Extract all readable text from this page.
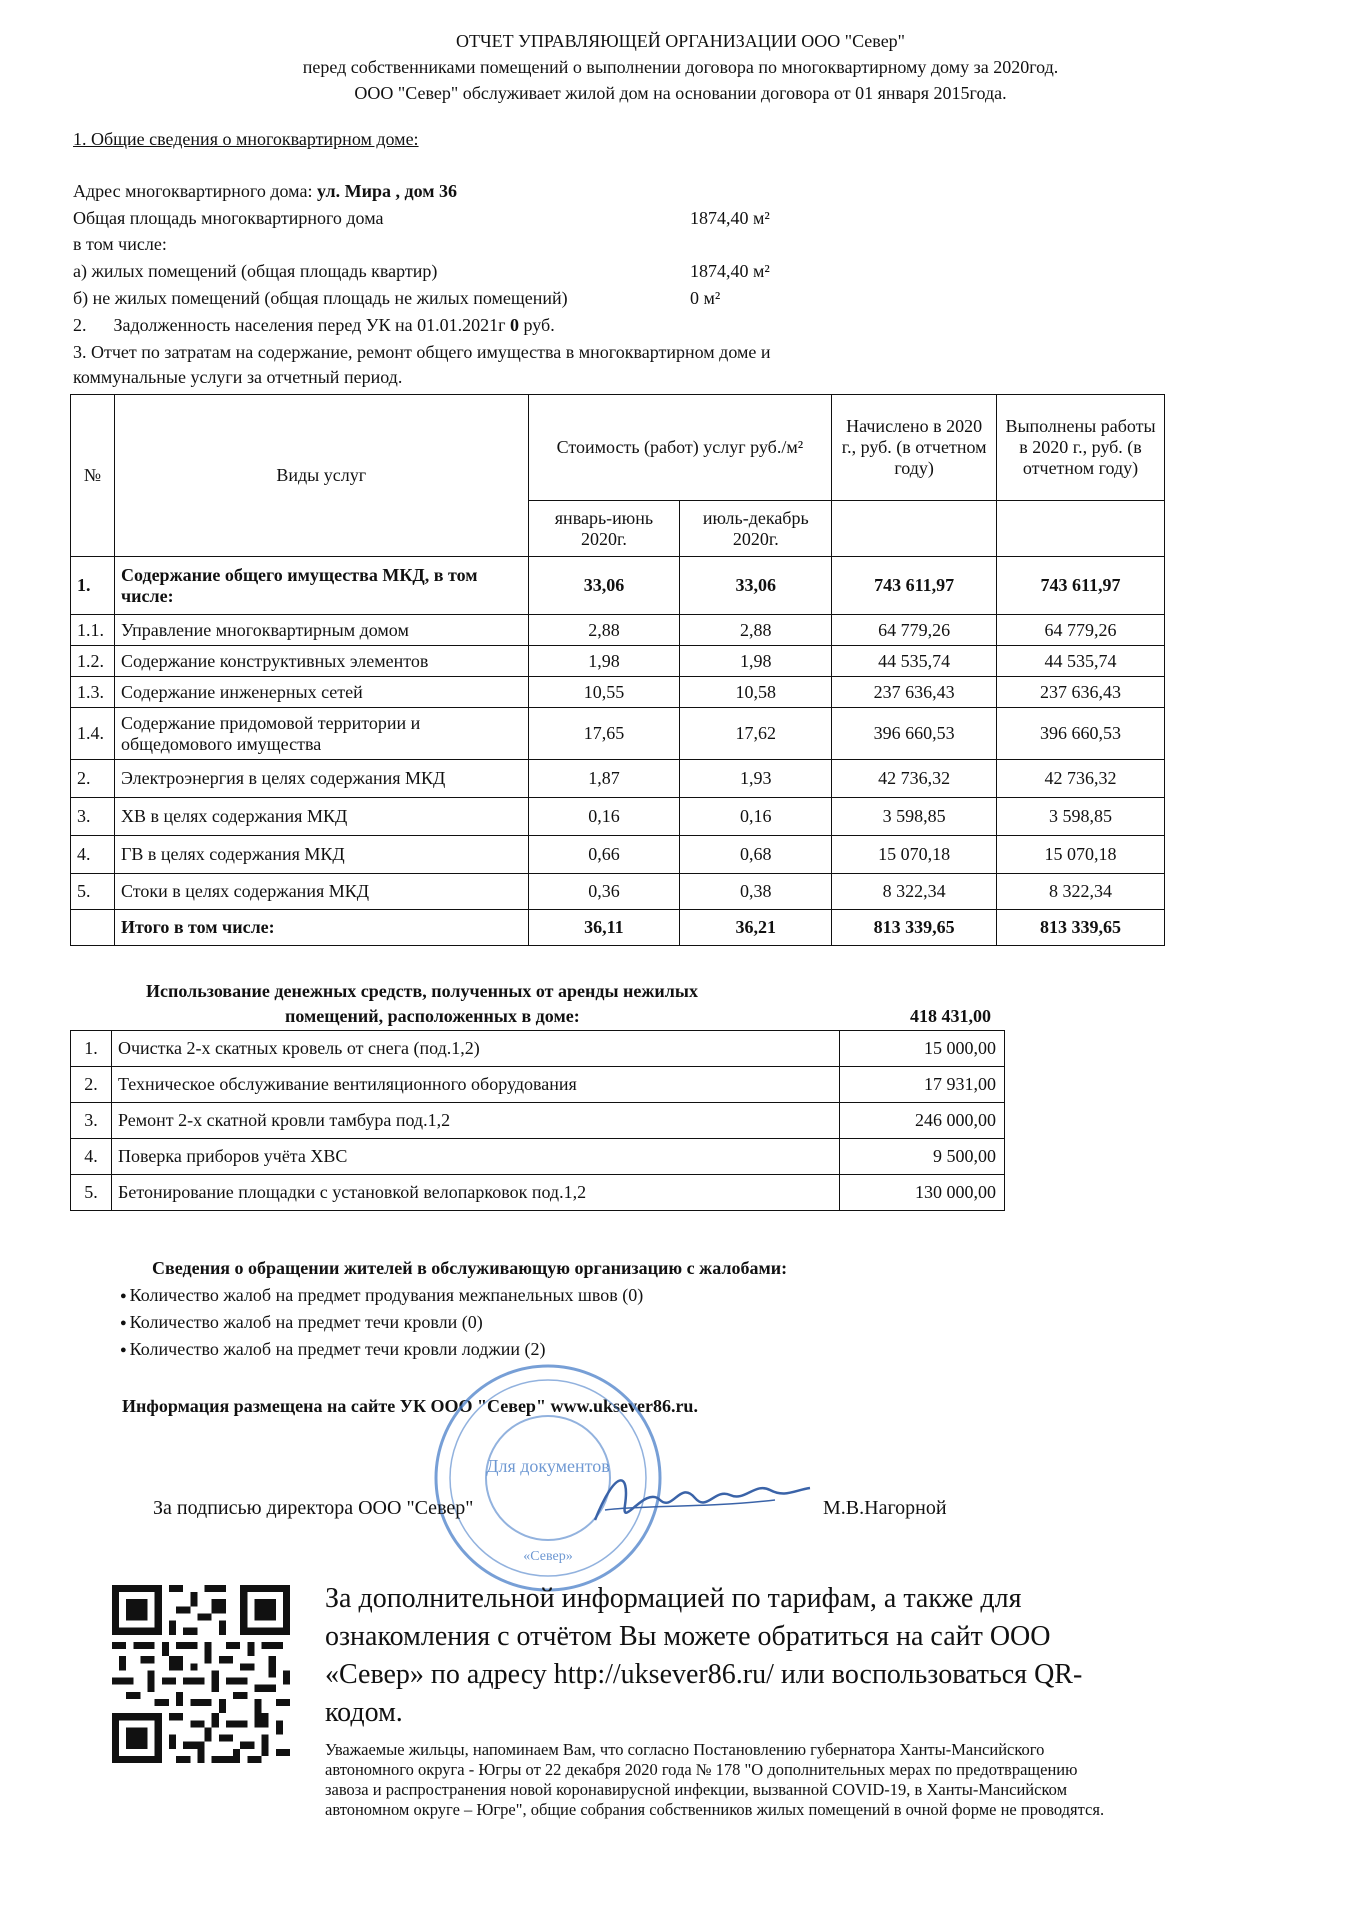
ОТЧЕТ УПРАВЛЯЮЩЕЙ ОРГАНИЗАЦИИ ООО "Север"
перед собственниками помещений о выполнении договора по многоквартирному дому за 2020год.
ООО "Север" обслуживает жилой дом на основании договора от 01 января 2015года.
1. Общие сведения о многоквартирном доме:
Адрес многоквартирного дома: ул. Мира , дом 36
Общая площадь многоквартирного дома	1874,40 м²
в том числе:
а) жилых помещений (общая площадь квартир)	1874,40 м²
б) не жилых помещений (общая площадь не жилых помещений)	0 м²
2. Задолженность населения перед УК на 01.01.2021г 0 руб.
3. Отчет по затратам на содержание, ремонт общего имущества в многоквартирном доме и
коммунальные услуги за отчетный период.
№	Виды услуг	Стоимость (работ) услуг руб./м²		Начислено в 2020 г., руб. (в отчетном году)	Выполнены работы в 2020 г., руб. (в отчетном году)
		январь-июнь 2020г.	июль-декабрь 2020г.		
1.	Содержание общего имущества МКД, в том числе:	33,06	33,06	743 611,97	743 611,97
1.1.	Управление многоквартирным домом	2,88	2,88	64 779,26	64 779,26
1.2.	Содержание конструктивных элементов	1,98	1,98	44 535,74	44 535,74
1.3.	Содержание инженерных сетей	10,55	10,58	237 636,43	237 636,43
1.4.	Содержание придомовой территории и общедомового имущества	17,65	17,62	396 660,53	396 660,53
2.	Электроэнергия в целях содержания МКД	1,87	1,93	42 736,32	42 736,32
3.	ХВ в целях содержания МКД	0,16	0,16	3 598,85	3 598,85
4.	ГВ в целях содержания МКД	0,66	0,68	15 070,18	15 070,18
5.	Стоки в целях содержания МКД	0,36	0,38	8 322,34	8 322,34
	Итого в том числе:	36,11	36,21	813 339,65	813 339,65
Использование денежных средств, полученных от аренды нежилых
помещений, расположенных в доме:	418 431,00
1.	Очистка 2-х скатных кровель от снега (под.1,2)	15 000,00
2.	Техническое обслуживание вентиляционного оборудования	17 931,00
3.	Ремонт 2-х скатной кровли тамбура под.1,2	246 000,00
4.	Поверка приборов учёта ХВС	9 500,00
5.	Бетонирование площадки с установкой велопарковок под.1,2	130 000,00
Сведения о обращении жителей в обслуживающую организацию с жалобами:
● Количество жалоб на предмет продувания межпанельных швов (0)
● Количество жалоб на предмет течи кровли (0)
● Количество жалоб на предмет течи кровли лоджии (2)
Информация размещена на сайте УК ООО "Север" www.uksever86.ru.
Для документов
«Север»
За подписью директора ООО "Север"	М.В.Нагорной
За дополнительной информацией по тарифам, а также для ознакомления с отчётом Вы можете обратиться на сайт ООО «Север» по адресу http://uksever86.ru/ или воспользоваться QR-кодом.
Уважаемые жильцы, напоминаем Вам, что согласно Постановлению губернатора Ханты-Мансийского автономного округа - Югры от 22 декабря 2020 года № 178 "О дополнительных мерах по предотвращению завоза и распространения новой коронавирусной инфекции, вызванной COVID-19, в Ханты-Мансийском автономном округе – Югре", общие собрания собственников жилых помещений в очной форме не проводятся.
